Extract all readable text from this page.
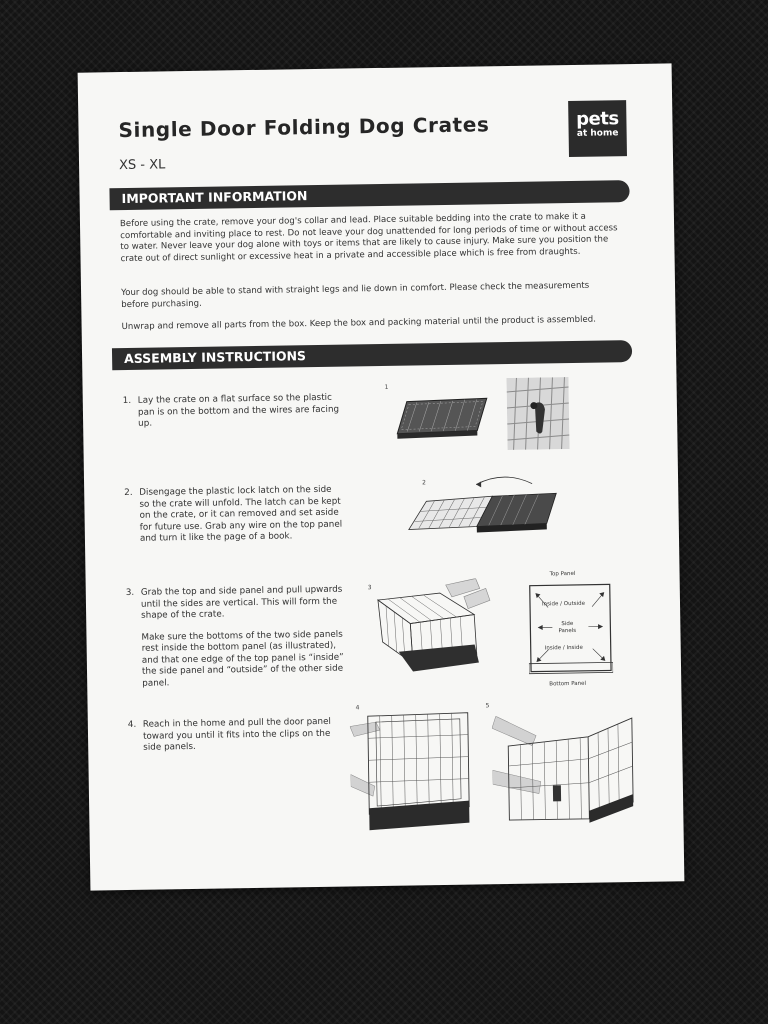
Single Door Folding Dog Crates
XS - XL
pets
at home
IMPORTANT INFORMATION
Before using the crate, remove your dog's collar and lead. Place suitable bedding into the crate to make it a comfortable and inviting place to rest. Do not leave your dog unattended for long periods of time or without access to water. Never leave your dog alone with toys or items that are likely to cause injury. Make sure you position the crate out of direct sunlight or excessive heat in a private and accessible place which is free from draughts.
Your dog should be able to stand with straight legs and lie down in comfort. Please check the measurements before purchasing.
Unwrap and remove all parts from the box. Keep the box and packing material until the product is assembled.
ASSEMBLY INSTRUCTIONS
1. Lay the crate on a flat surface so the plastic pan is on the bottom and the wires are facing up.
2. Disengage the plastic lock latch on the side so the crate will unfold. The latch can be kept on the crate, or it can removed and set aside for future use. Grab any wire on the top panel and turn it like the page of a book.
3. Grab the top and side panel and pull upwards until the sides are vertical. This will form the shape of the crate.
Make sure the bottoms of the two side panels rest inside the bottom panel (as illustrated), and that one edge of the top panel is “inside” the side panel and “outside” of the other side panel.
4. Reach in the home and pull the door panel toward you until it fits into the clips on the side panels.
1
2
3
4	5
Top Panel
Inside / Outside
Side
Panels
Inside / Inside
Bottom Panel
